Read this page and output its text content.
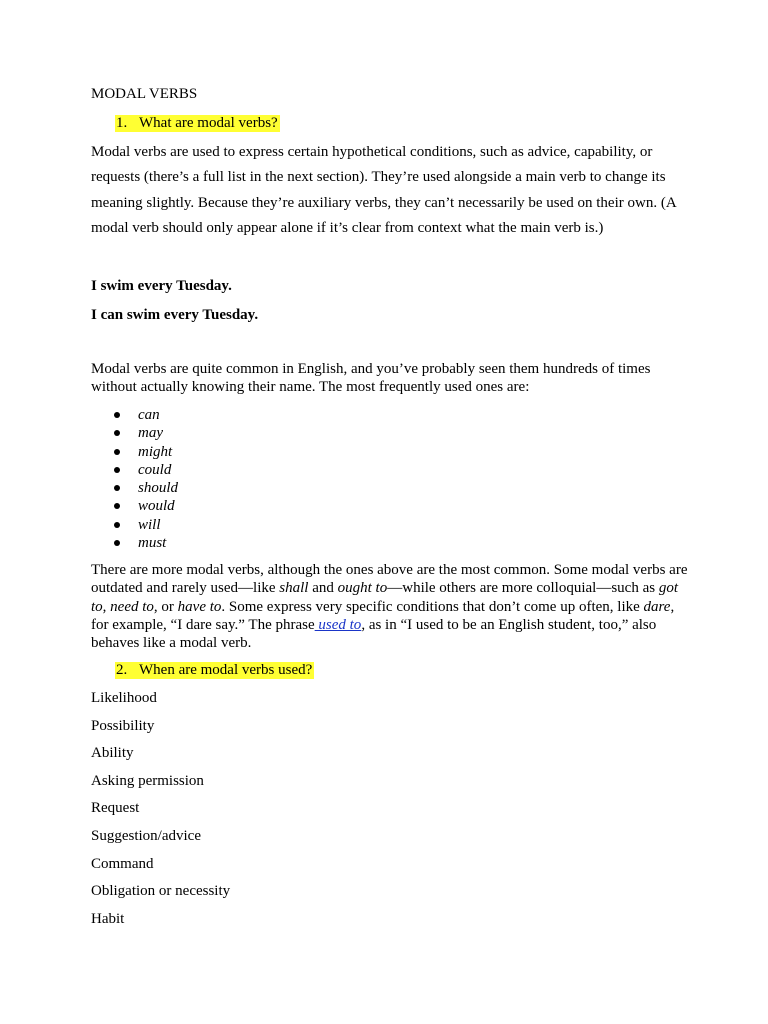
MODAL VERBS

1. What are modal verbs?

Modal verbs are used to express certain hypothetical conditions, such as advice, capability, or requests (there’s a full list in the next section). They’re used alongside a main verb to change its meaning slightly. Because they’re auxiliary verbs, they can’t necessarily be used on their own. (A modal verb should only appear alone if it’s clear from context what the main verb is.)

I swim every Tuesday.

I can swim every Tuesday.

Modal verbs are quite common in English, and you’ve probably seen them hundreds of times without actually knowing their name. The most frequently used ones are:

can
may
might
could
should
would
will
must

There are more modal verbs, although the ones above are the most common. Some modal verbs are outdated and rarely used—like shall and ought to—while others are more colloquial—such as got to, need to, or have to. Some express very specific conditions that don’t come up often, like dare, for example, “I dare say.” The phrase used to, as in “I used to be an English student, too,” also behaves like a modal verb.

2. When are modal verbs used?

Likelihood
Possibility
Ability
Asking permission
Request
Suggestion/advice
Command
Obligation or necessity
Habit
